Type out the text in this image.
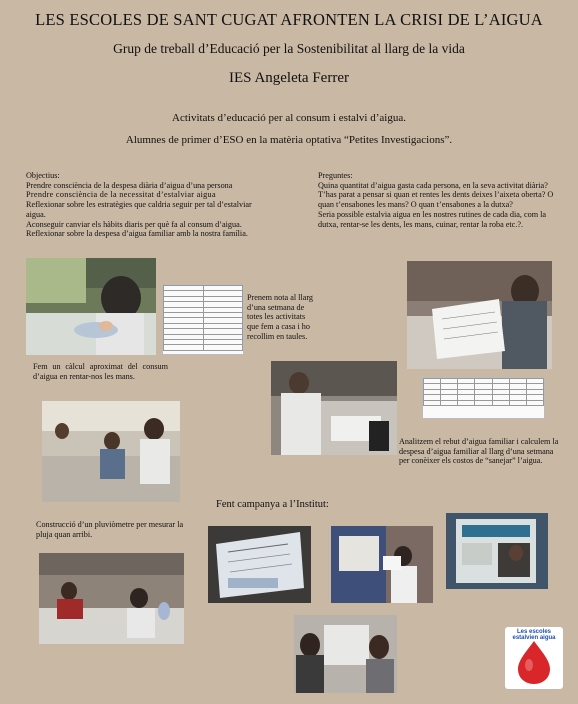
LES ESCOLES DE SANT CUGAT AFRONTEN LA CRISI DE L’AIGUA
Grup de treball d’Educació per la Sostenibilitat al llarg de la vida
IES Angeleta Ferrer
Activitats d’educació per al consum i estalvi d’aigua.
Alumnes de primer d’ESO en la matèria optativa “Petites Investigacions”.

Objectius:

Prendre consciència de la despesa diària d’aigua d’una persona

Prendre consciència de la necessitat d’estalviar aigua

Reflexionar sobre les estratègies que caldria seguir per tal d’estalviar aigua.

Aconseguir canviar els hàbits diaris per què fa al consum d’aigua.

Reflexionar sobre la despesa d’aigua familiar amb la nostra família.

Preguntes:

Quina quantitat d’aigua gasta cada persona, en la seva activitat diària?

T’has parat a pensar si quan et rentes les dents deixes l’aixeta oberta? O quan t’ensabones les mans? O quan t’ensabones a la dutxa?

Seria possible estalvia aigua en les nostres rutines de cada dia, com la dutxa, rentar-se les dents, les mans, cuinar, rentar la roba etc.?.

Prenem nota al llarg d’una setmana de totes les activitats que fem a casa i ho recollim en taules.
Fem un càlcul aproximat del consum d’aigua en rentar-nos les mans.

Analitzem el rebut d’aigua familiar i calculem la despesa d’aigua familiar al llarg d’una setmana per conèixer els costos de “sanejar” l’aigua.
Fent campanya a l’Institut:
Construcció d’un pluviòmetre per mesurar la pluja quan arribi.
Les escoles estalvien aigua
